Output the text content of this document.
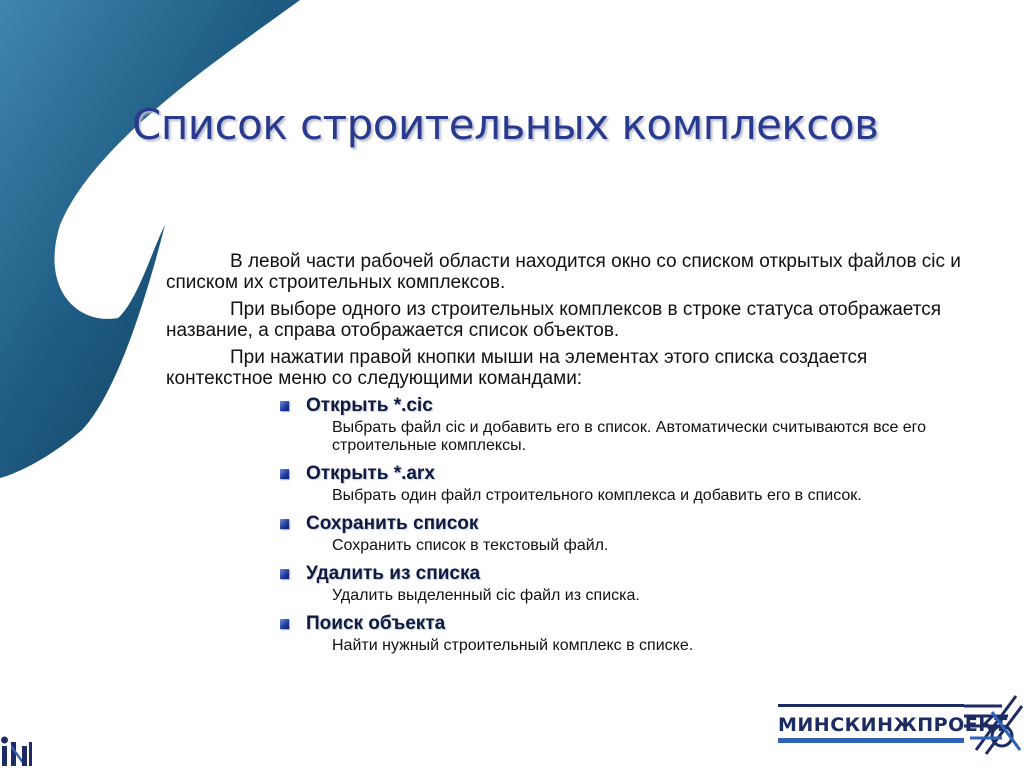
Список строительных комплексов

В левой части рабочей области находится окно со списком открытых файлов cic и списком их строительных комплексов.

При выборе одного из строительных комплексов в строке статуса отображается название, а справа отображается список объектов.

При нажатии правой кнопки мыши на элементах этого списка создается контекстное меню со следующими командами:

Открыть *.cic
Выбрать файл cic и добавить его в список. Автоматически считываются все его строительные комплексы.
Открыть *.arx
Выбрать один файл строительного комплекса и добавить его в список.
Сохранить список
Сохранить список в текстовый файл.
Удалить из списка
Удалить выделенный cic файл из списка.
Поиск объекта
Найти нужный строительный комплекс в списке.
МИНСКИНЖПРОЕКТ
